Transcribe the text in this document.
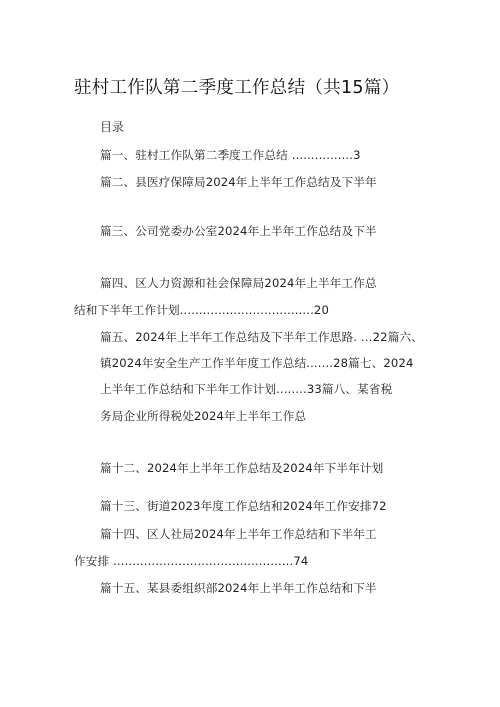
驻村工作队第二季度工作总结（共15篇）
目录
篇一、驻村工作队第二季度工作总结 ................3
篇二、县医疗保障局2024年上半年工作总结及下半年
篇三、公司党委办公室2024年上半年工作总结及下半
篇四、区人力资源和社会保障局2024年上半年工作总
结和下半年工作计划...................................20
篇五、2024年上半年工作总结及下半年工作思路. …22篇六、
镇2024年安全生产工作半年度工作总结.......28篇七、2024
上半年工作总结和下半年工作计划........33篇八、某省税
务局企业所得税处2024年上半年工作总
篇十二、2024年上半年工作总结及2024年下半年计划
篇十三、街道2023年度工作总结和2024年工作安排72
篇十四、区人社局2024年上半年工作总结和下半年工
作安排 ...............................................74
篇十五、某县委组织部2024年上半年工作总结和下半
